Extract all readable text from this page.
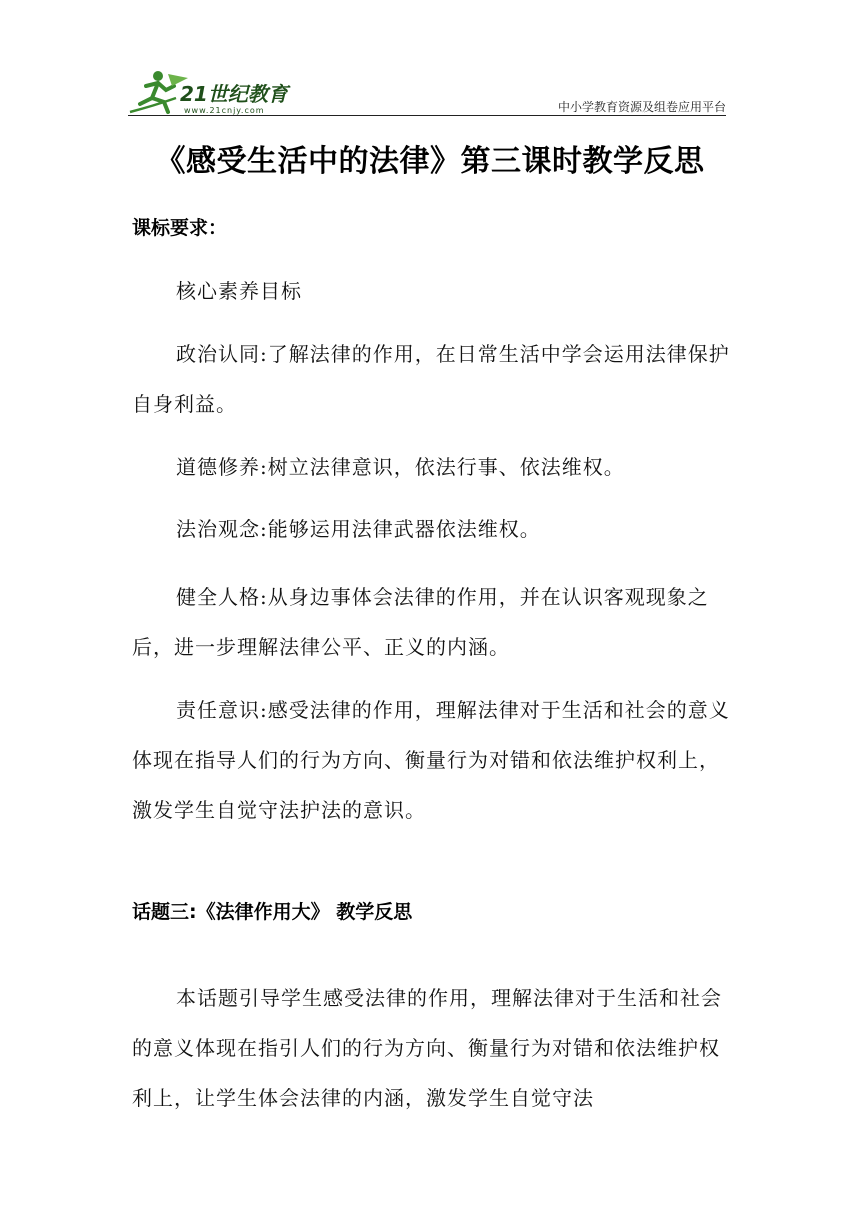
21世纪教育
www.21cnjy.com	中小学教育资源及组卷应用平台
《感受生活中的法律》第三课时教学反思
课标要求：

核心素养目标

政治认同:了解法律的作用，在日常生活中学会运用法律保护自身利益。

道德修养:树立法律意识，依法行事、依法维权。

法治观念:能够运用法律武器依法维权。

健全人格:从身边事体会法律的作用，并在认识客观现象之后，进一步理解法律公平、正义的内涵。

责任意识:感受法律的作用，理解法律对于生活和社会的意义体现在指导人们的行为方向、衡量行为对错和依法维护权利上，激发学生自觉守法护法的意识。

话题三:《法律作用大》 教学反思

本话题引导学生感受法律的作用，理解法律对于生活和社会的意义体现在指引人们的行为方向、衡量行为对错和依法维护权利上，让学生体会法律的内涵，激发学生自觉守法
